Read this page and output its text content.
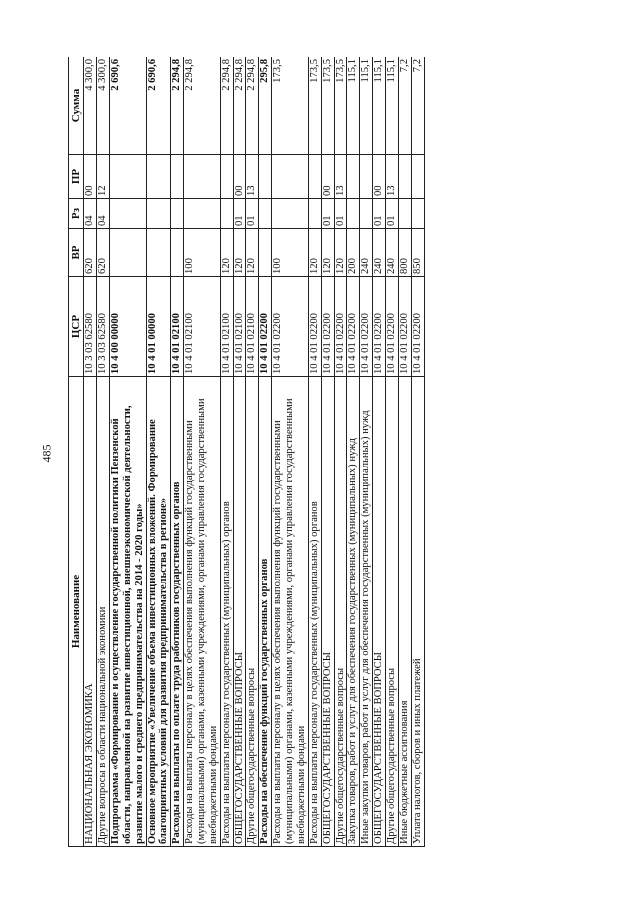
485
Наименование	ЦСР	ВР	Рз	ПР	Сумма
НАЦИОНАЛЬНАЯ ЭКОНОМИКА	10 3 03 62580	620	04	00	4 300,0
Другие вопросы в области национальной экономики	10 3 03 62580	620	04	12	4 300,0
Подпрограмма «Формирование и осуществление государственной политики Пензенской области, направленной на развитие инвестиционной, внешнеэкономической деятельности, развитие малого и среднего предпринимательства на 2014 - 2020 годы»	10 4 00 00000				2 690,6
Основное мероприятие «Увеличение объема инвестиционных вложений. Формирование благоприятных условий для развития предпринимательства в регионе»	10 4 01 00000				2 690,6
Расходы на выплаты по оплате труда работников государственных органов	10 4 01 02100				2 294,8
Расходы на выплаты персоналу в целях обеспечения выполнения функций государственными (муниципальными) органами, казенными учреждениями, органами управления государственными внебюджетными фондами	10 4 01 02100	100			2 294,8
Расходы на выплаты персоналу государственных (муниципальных) органов	10 4 01 02100	120			2 294,8
ОБЩЕГОСУДАРСТВЕННЫЕ ВОПРОСЫ	10 4 01 02100	120	01	00	2 294,8
Другие общегосударственные вопросы	10 4 01 02100	120	01	13	2 294,8
Расходы на обеспечение функций государственных органов	10 4 01 02200				295,8
Расходы на выплаты персоналу в целях обеспечения выполнения функций государственными (муниципальными) органами, казенными учреждениями, органами управления государственными внебюджетными фондами	10 4 01 02200	100			173,5
Расходы на выплаты персоналу государственных (муниципальных) органов	10 4 01 02200	120			173,5
ОБЩЕГОСУДАРСТВЕННЫЕ ВОПРОСЫ	10 4 01 02200	120	01	00	173,5
Другие общегосударственные вопросы	10 4 01 02200	120	01	13	173,5
Закупка товаров, работ и услуг для обеспечения государственных (муниципальных) нужд	10 4 01 02200	200			115,1
Иные закупки товаров, работ и услуг для обеспечения государственных (муниципальных) нужд	10 4 01 02200	240			115,1
ОБЩЕГОСУДАРСТВЕННЫЕ ВОПРОСЫ	10 4 01 02200	240	01	00	115,1
Другие общегосударственные вопросы	10 4 01 02200	240	01	13	115,1
Иные бюджетные ассигнования	10 4 01 02200	800			7,2
Уплата налогов, сборов и иных платежей	10 4 01 02200	850			7,2
